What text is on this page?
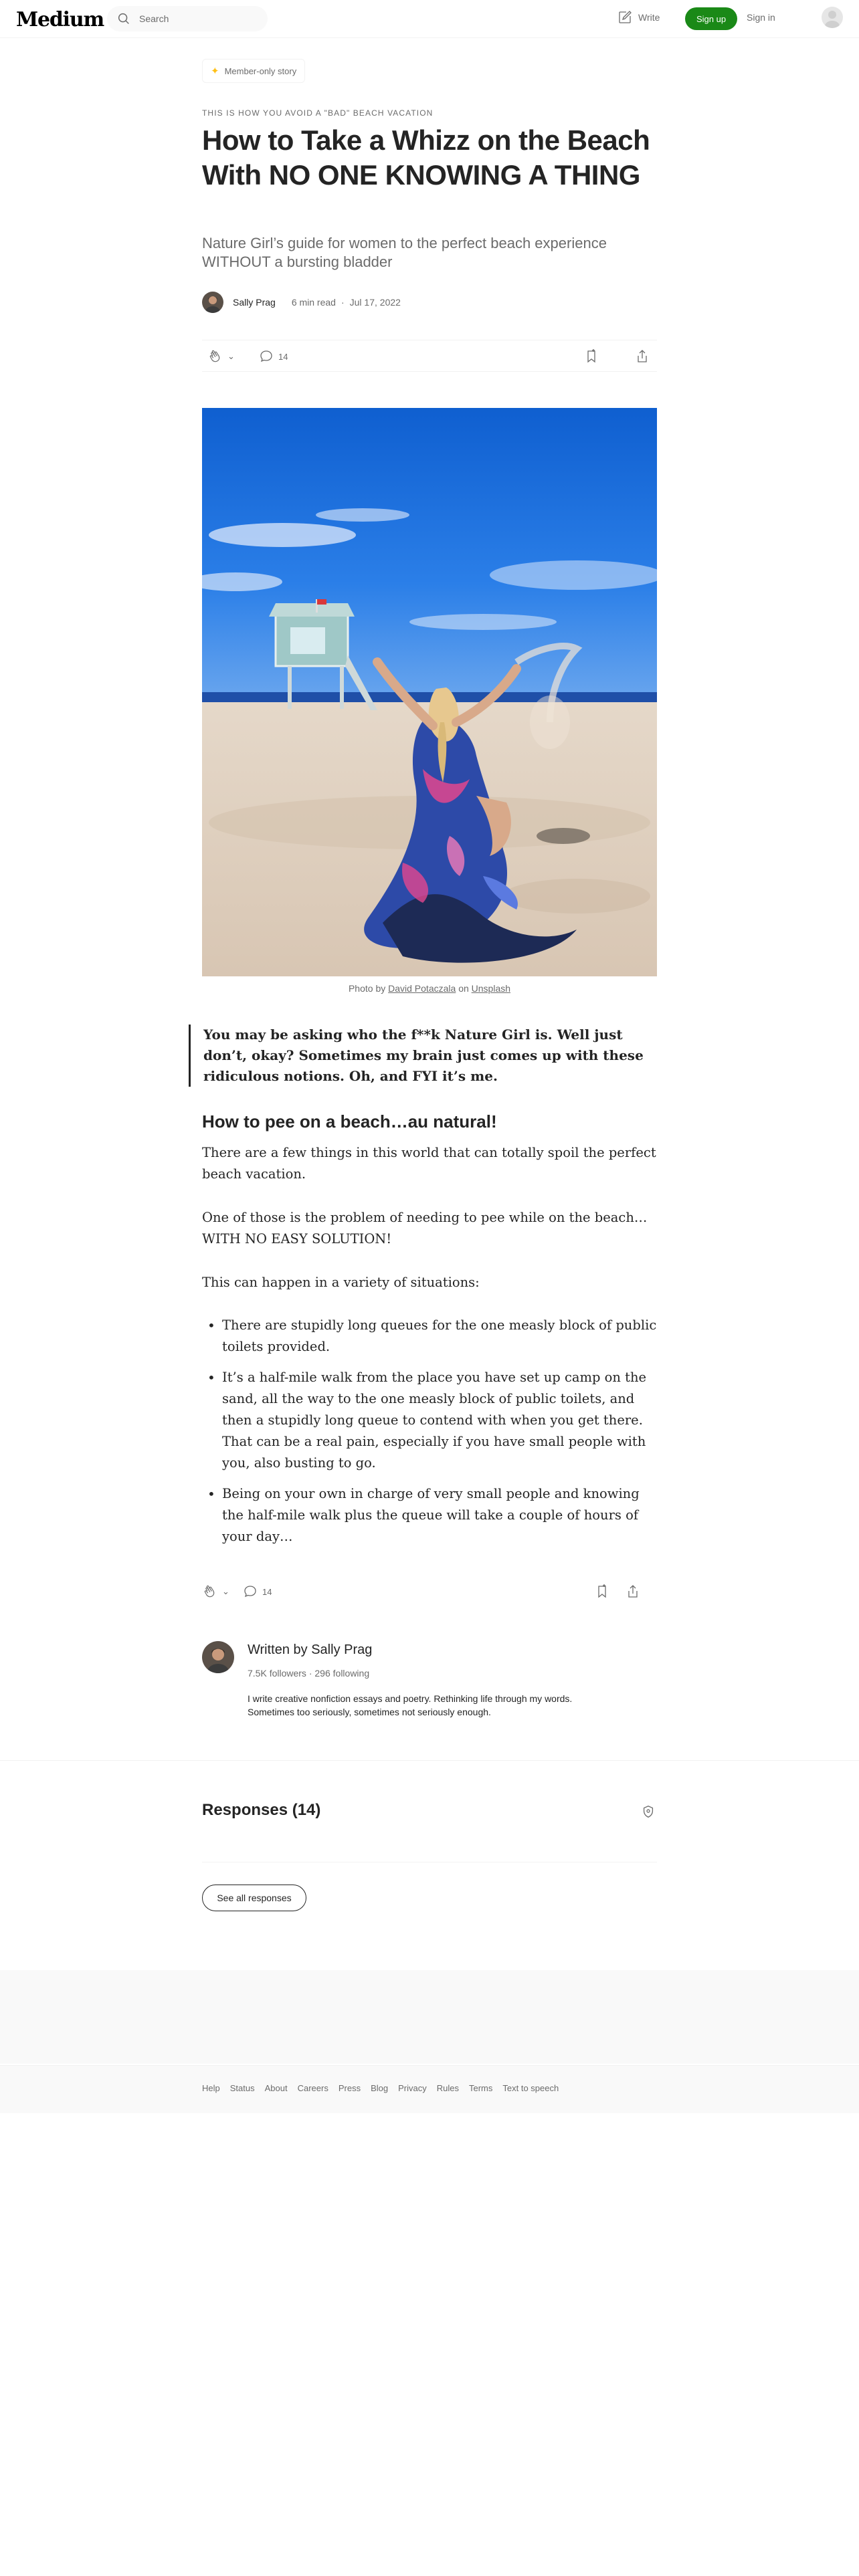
Medium	Search	Write	Sign up	Sign in
✦ Member-only story
THIS IS HOW YOU AVOID A "BAD" BEACH VACATION
How to Take a Whizz on the Beach With NO ONE KNOWING A THING
Nature Girl’s guide for women to the perfect beach experience WITHOUT a bursting bladder
Sally Prag 6 min read · Jul 17, 2022
⌄	14
Photo by David Potaczala on Unsplash
You may be asking who the f**k Nature Girl is. Well just don’t, okay? Sometimes my brain just comes up with these ridiculous notions. Oh, and FYI it’s me.
How to pee on a beach…au natural!

There are a few things in this world that can totally spoil the perfect beach vacation.

One of those is the problem of needing to pee while on the beach… WITH NO EASY SOLUTION!

This can happen in a variety of situations:

• There are stupidly long queues for the one measly block of public toilets provided.
• It’s a half-mile walk from the place you have set up camp on the sand, all the way to the one measly block of public toilets, and then a stupidly long queue to contend with when you get there. That can be a real pain, especially if you have small people with you, also busting to go.
• Being on your own in charge of very small people and knowing the half-mile walk plus the queue will take a couple of hours of your day…
⌄	14
Written by Sally Prag
7.5K followers · 296 following
I write creative nonfiction essays and poetry. Rethinking life through my words. Sometimes too seriously, sometimes not seriously enough.
Responses (14)
See all responses
Help Status About Careers Press Blog Privacy Rules Terms Text to speech
